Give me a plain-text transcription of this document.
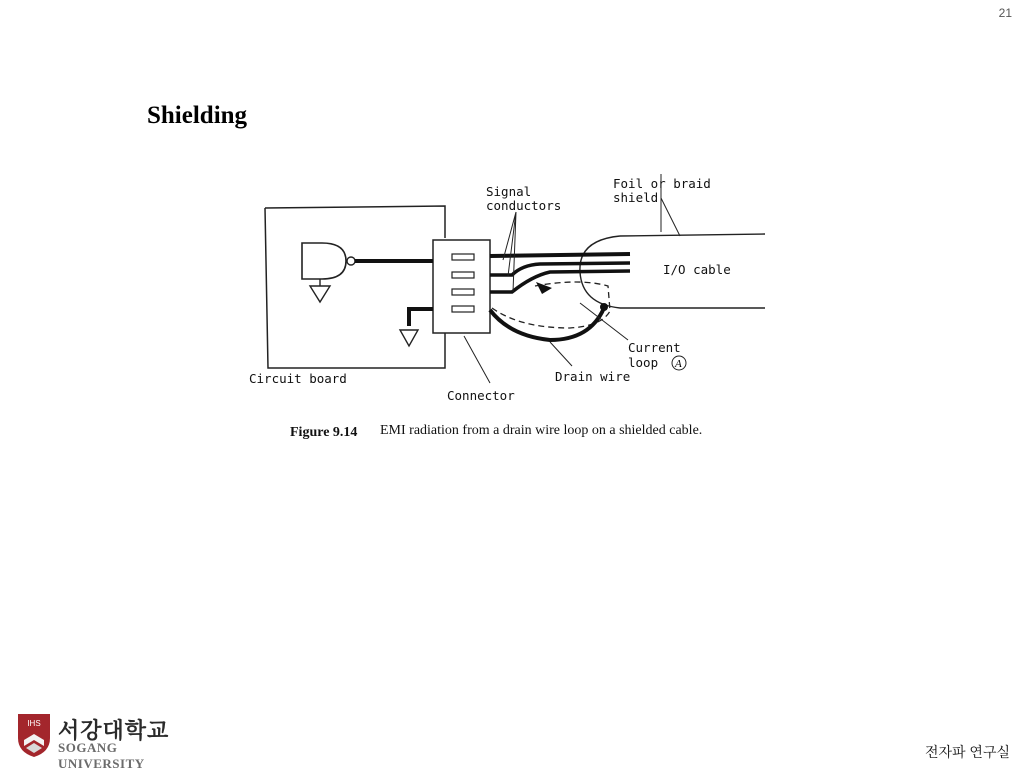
21
Shielding
Signal
conductors
Foil or braid
shield
I/O cable
Current
loop A
Drain wire
Circuit board
Connector
Figure 9.14 EMI radiation from a drain wire loop on a shielded cable.
IHS 서강대학교
SOGANG UNIVERSITY
전자파 연구실
